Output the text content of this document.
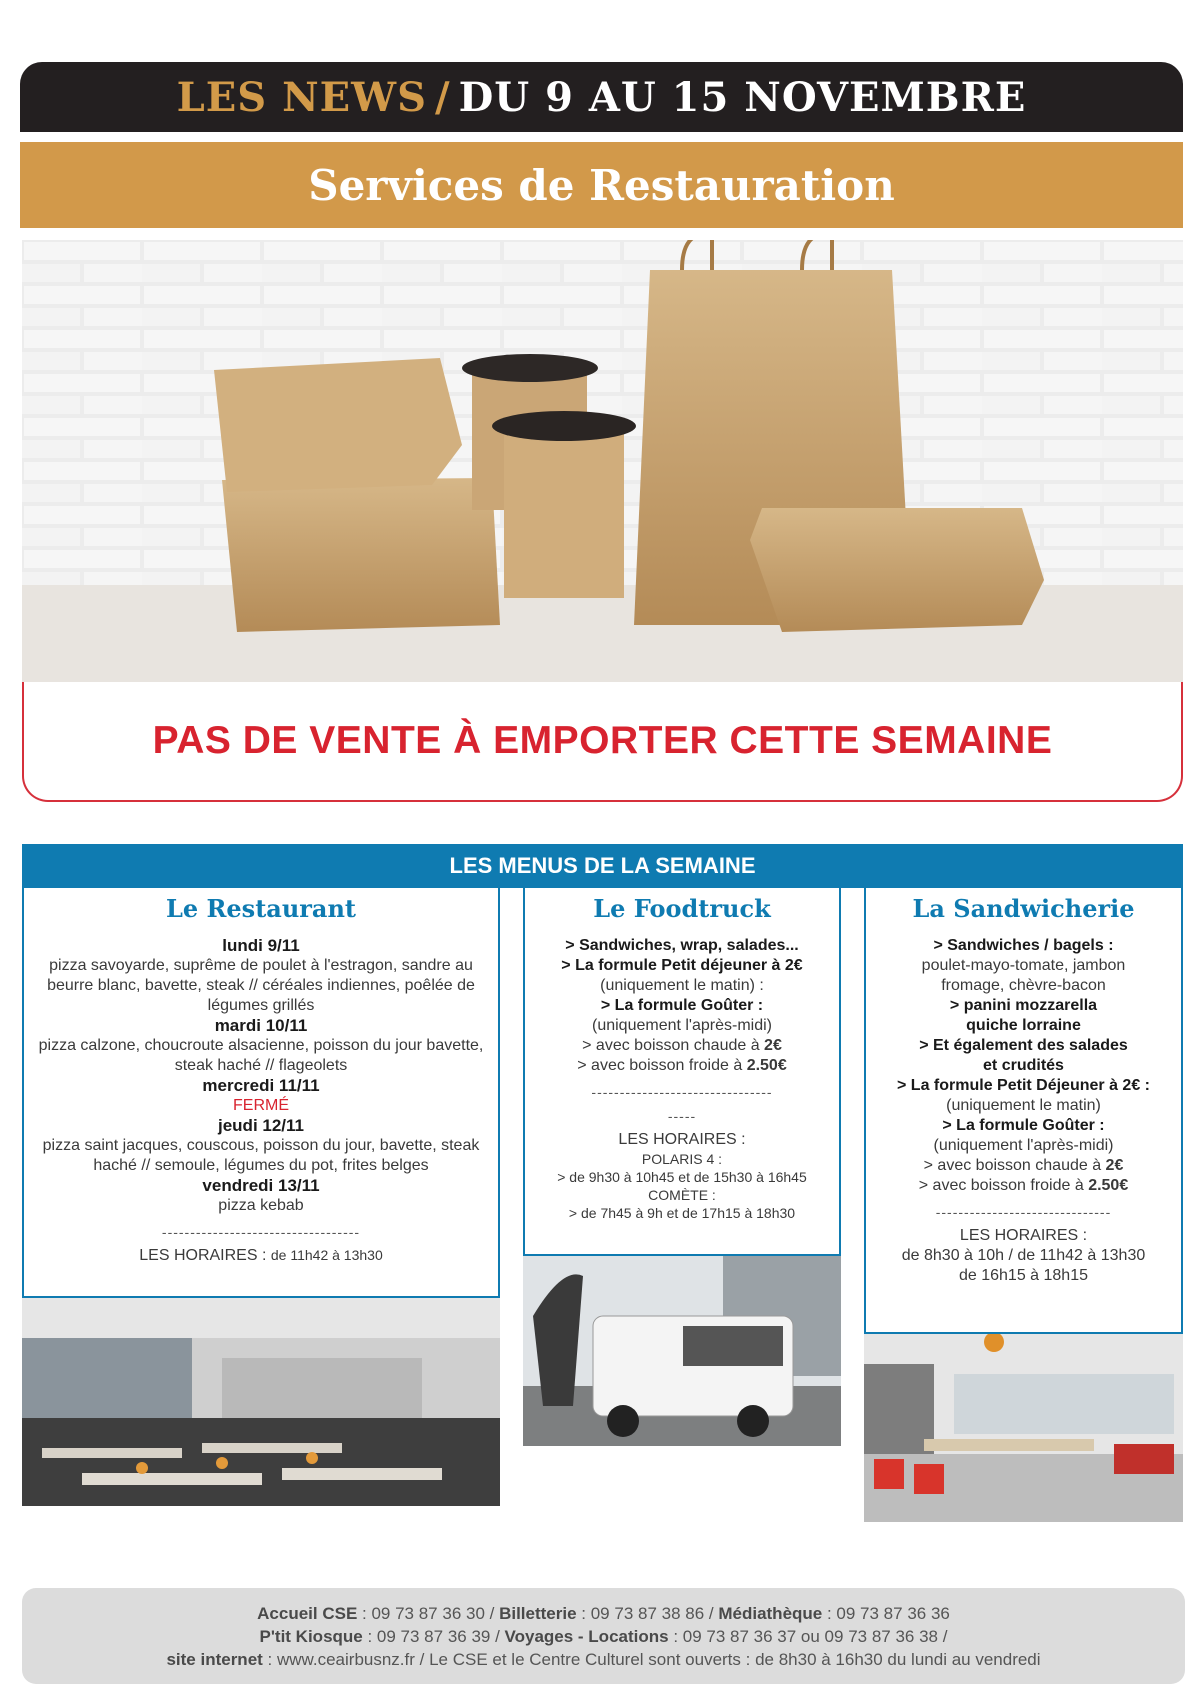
LES NEWS / DU 9 AU 15 NOVEMBRE
Services de Restauration
PAS DE VENTE À EMPORTER CETTE SEMAINE
LES MENUS DE LA SEMAINE
Le Restaurant
lundi 9/11
pizza savoyarde, suprême de poulet à l'estragon, sandre au beurre blanc, bavette, steak // céréales indiennes, poêlée de légumes grillés
mardi 10/11
pizza calzone, choucroute alsacienne, poisson du jour bavette, steak haché // flageolets
mercredi 11/11
FERMÉ
jeudi 12/11
pizza saint jacques, couscous, poisson du jour, bavette, steak haché // semoule, légumes du pot, frites belges
vendredi 13/11
pizza kebab
-----------------------------------
LES HORAIRES : de 11h42 à 13h30
Le Foodtruck
> Sandwiches, wrap, salades...
> La formule Petit déjeuner à 2€
(uniquement le matin) :
> La formule Goûter :
(uniquement l'après-midi)
> avec boisson chaude à 2€
> avec boisson froide à 2.50€
--------------------------------
-----
LES HORAIRES :
POLARIS 4 :
> de 9h30 à 10h45 et de 15h30 à 16h45
COMÈTE :
> de 7h45 à 9h et de 17h15 à 18h30
La Sandwicherie
> Sandwiches / bagels :
poulet-mayo-tomate, jambon
fromage, chèvre-bacon
> panini mozzarella
quiche lorraine
> Et également des salades
et crudités
> La formule Petit Déjeuner à 2€ :
(uniquement le matin)
> La formule Goûter :
(uniquement l'après-midi)
> avec boisson chaude à 2€
> avec boisson froide à 2.50€
-------------------------------
LES HORAIRES :
de 8h30 à 10h / de 11h42 à 13h30
de 16h15 à 18h15
Accueil CSE : 09 73 87 36 30 / Billetterie : 09 73 87 38 86 / Médiathèque : 09 73 87 36 36
P'tit Kiosque : 09 73 87 36 39 / Voyages - Locations : 09 73 87 36 37 ou 09 73 87 36 38 /
site internet : www.ceairbusnz.fr / Le CSE et le Centre Culturel sont ouverts : de 8h30 à 16h30 du lundi au vendredi
